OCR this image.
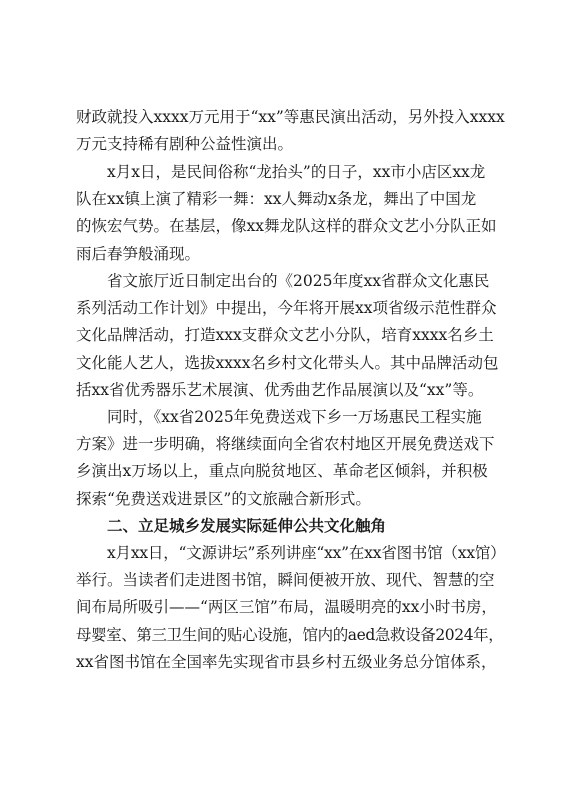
财政就投入xxxx万元用于“xx”等惠民演出活动，另外投入xxxx
万元支持稀有剧种公益性演出。

x月x日，是民间俗称“龙抬头”的日子，xx市小店区xx龙
队在xx镇上演了精彩一舞：xx人舞动x条龙，舞出了中国龙
的恢宏气势。在基层，像xx舞龙队这样的群众文艺小分队正如
雨后春笋般涌现。

省文旅厅近日制定出台的《2025年度xx省群众文化惠民
系列活动工作计划》中提出，今年将开展xx项省级示范性群众
文化品牌活动，打造xxx支群众文艺小分队，培育xxxx名乡土
文化能人艺人，选拔xxxx名乡村文化带头人。其中品牌活动包
括xx省优秀器乐艺术展演、优秀曲艺作品展演以及“xx”等。

同时，《xx省2025年免费送戏下乡一万场惠民工程实施
方案》进一步明确，将继续面向全省农村地区开展免费送戏下
乡演出x万场以上，重点向脱贫地区、革命老区倾斜，并积极
探索“免费送戏进景区”的文旅融合新形式。

二、立足城乡发展实际延伸公共文化触角

x月xx日，“文源讲坛”系列讲座“xx”在xx省图书馆（xx馆）
举行。当读者们走进图书馆，瞬间便被开放、现代、智慧的空
间布局所吸引——“两区三馆”布局，温暖明亮的xx小时书房，
母婴室、第三卫生间的贴心设施，馆内的aed急救设备2024年，
xx省图书馆在全国率先实现省市县乡村五级业务总分馆体系，
